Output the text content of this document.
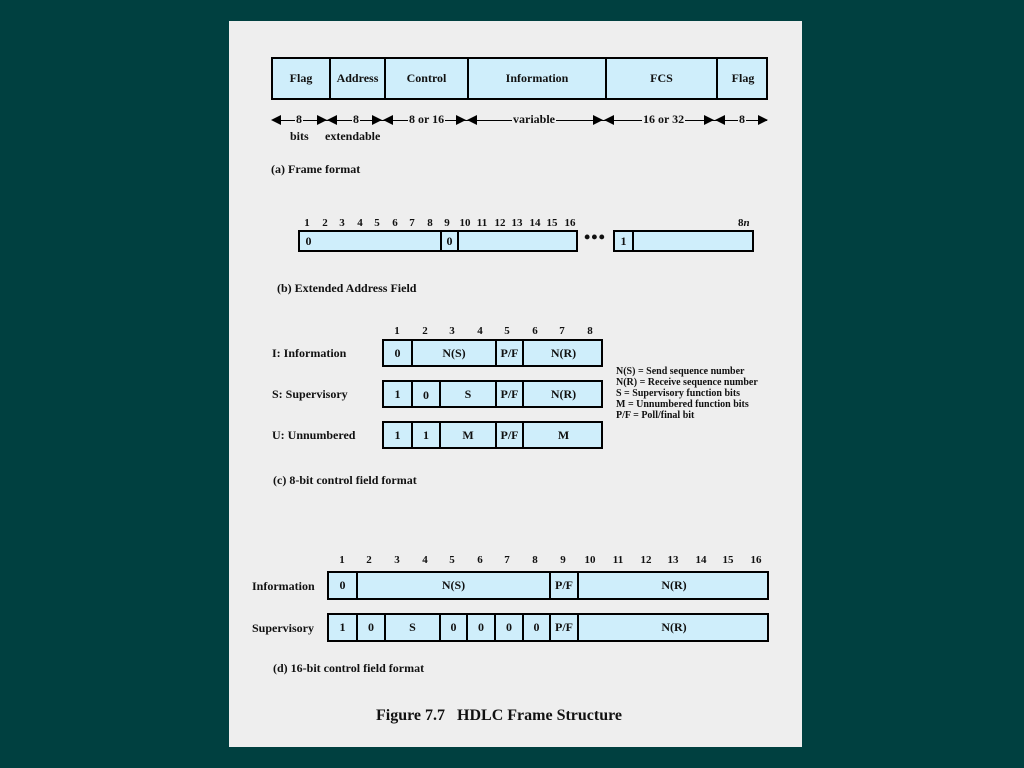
Flag	Address	Control	Information	FCS	Flag
8	8	8 or 16	variable	16 or 32	8
bits extendable
(a) Frame format
1	2	3	4	5	6	7	8	9 10 11 12 13 14 15 16	8n
0	0	•••	1
(b) Extended Address Field
1	2	3	4	5	6	7	8
I: Information	0	N(S)	P/F	N(R)
S: Supervisory	1	0	S	P/F	N(R)
U: Unnumbered	1	1	M	P/F	M
N(S) = Send sequence number
N(R) = Receive sequence number
S = Supervisory function bits
M = Unnumbered function bits
P/F = Poll/final bit
(c) 8-bit control field format
1	2	3	4	5	6	7	8	9	10	11	12	13	14	15	16
Information	0	N(S)	P/F	N(R)
Supervisory	1	0	S	0	0	0	0	P/F	N(R)
(d) 16-bit control field format
Figure 7.7   HDLC Frame Structure
